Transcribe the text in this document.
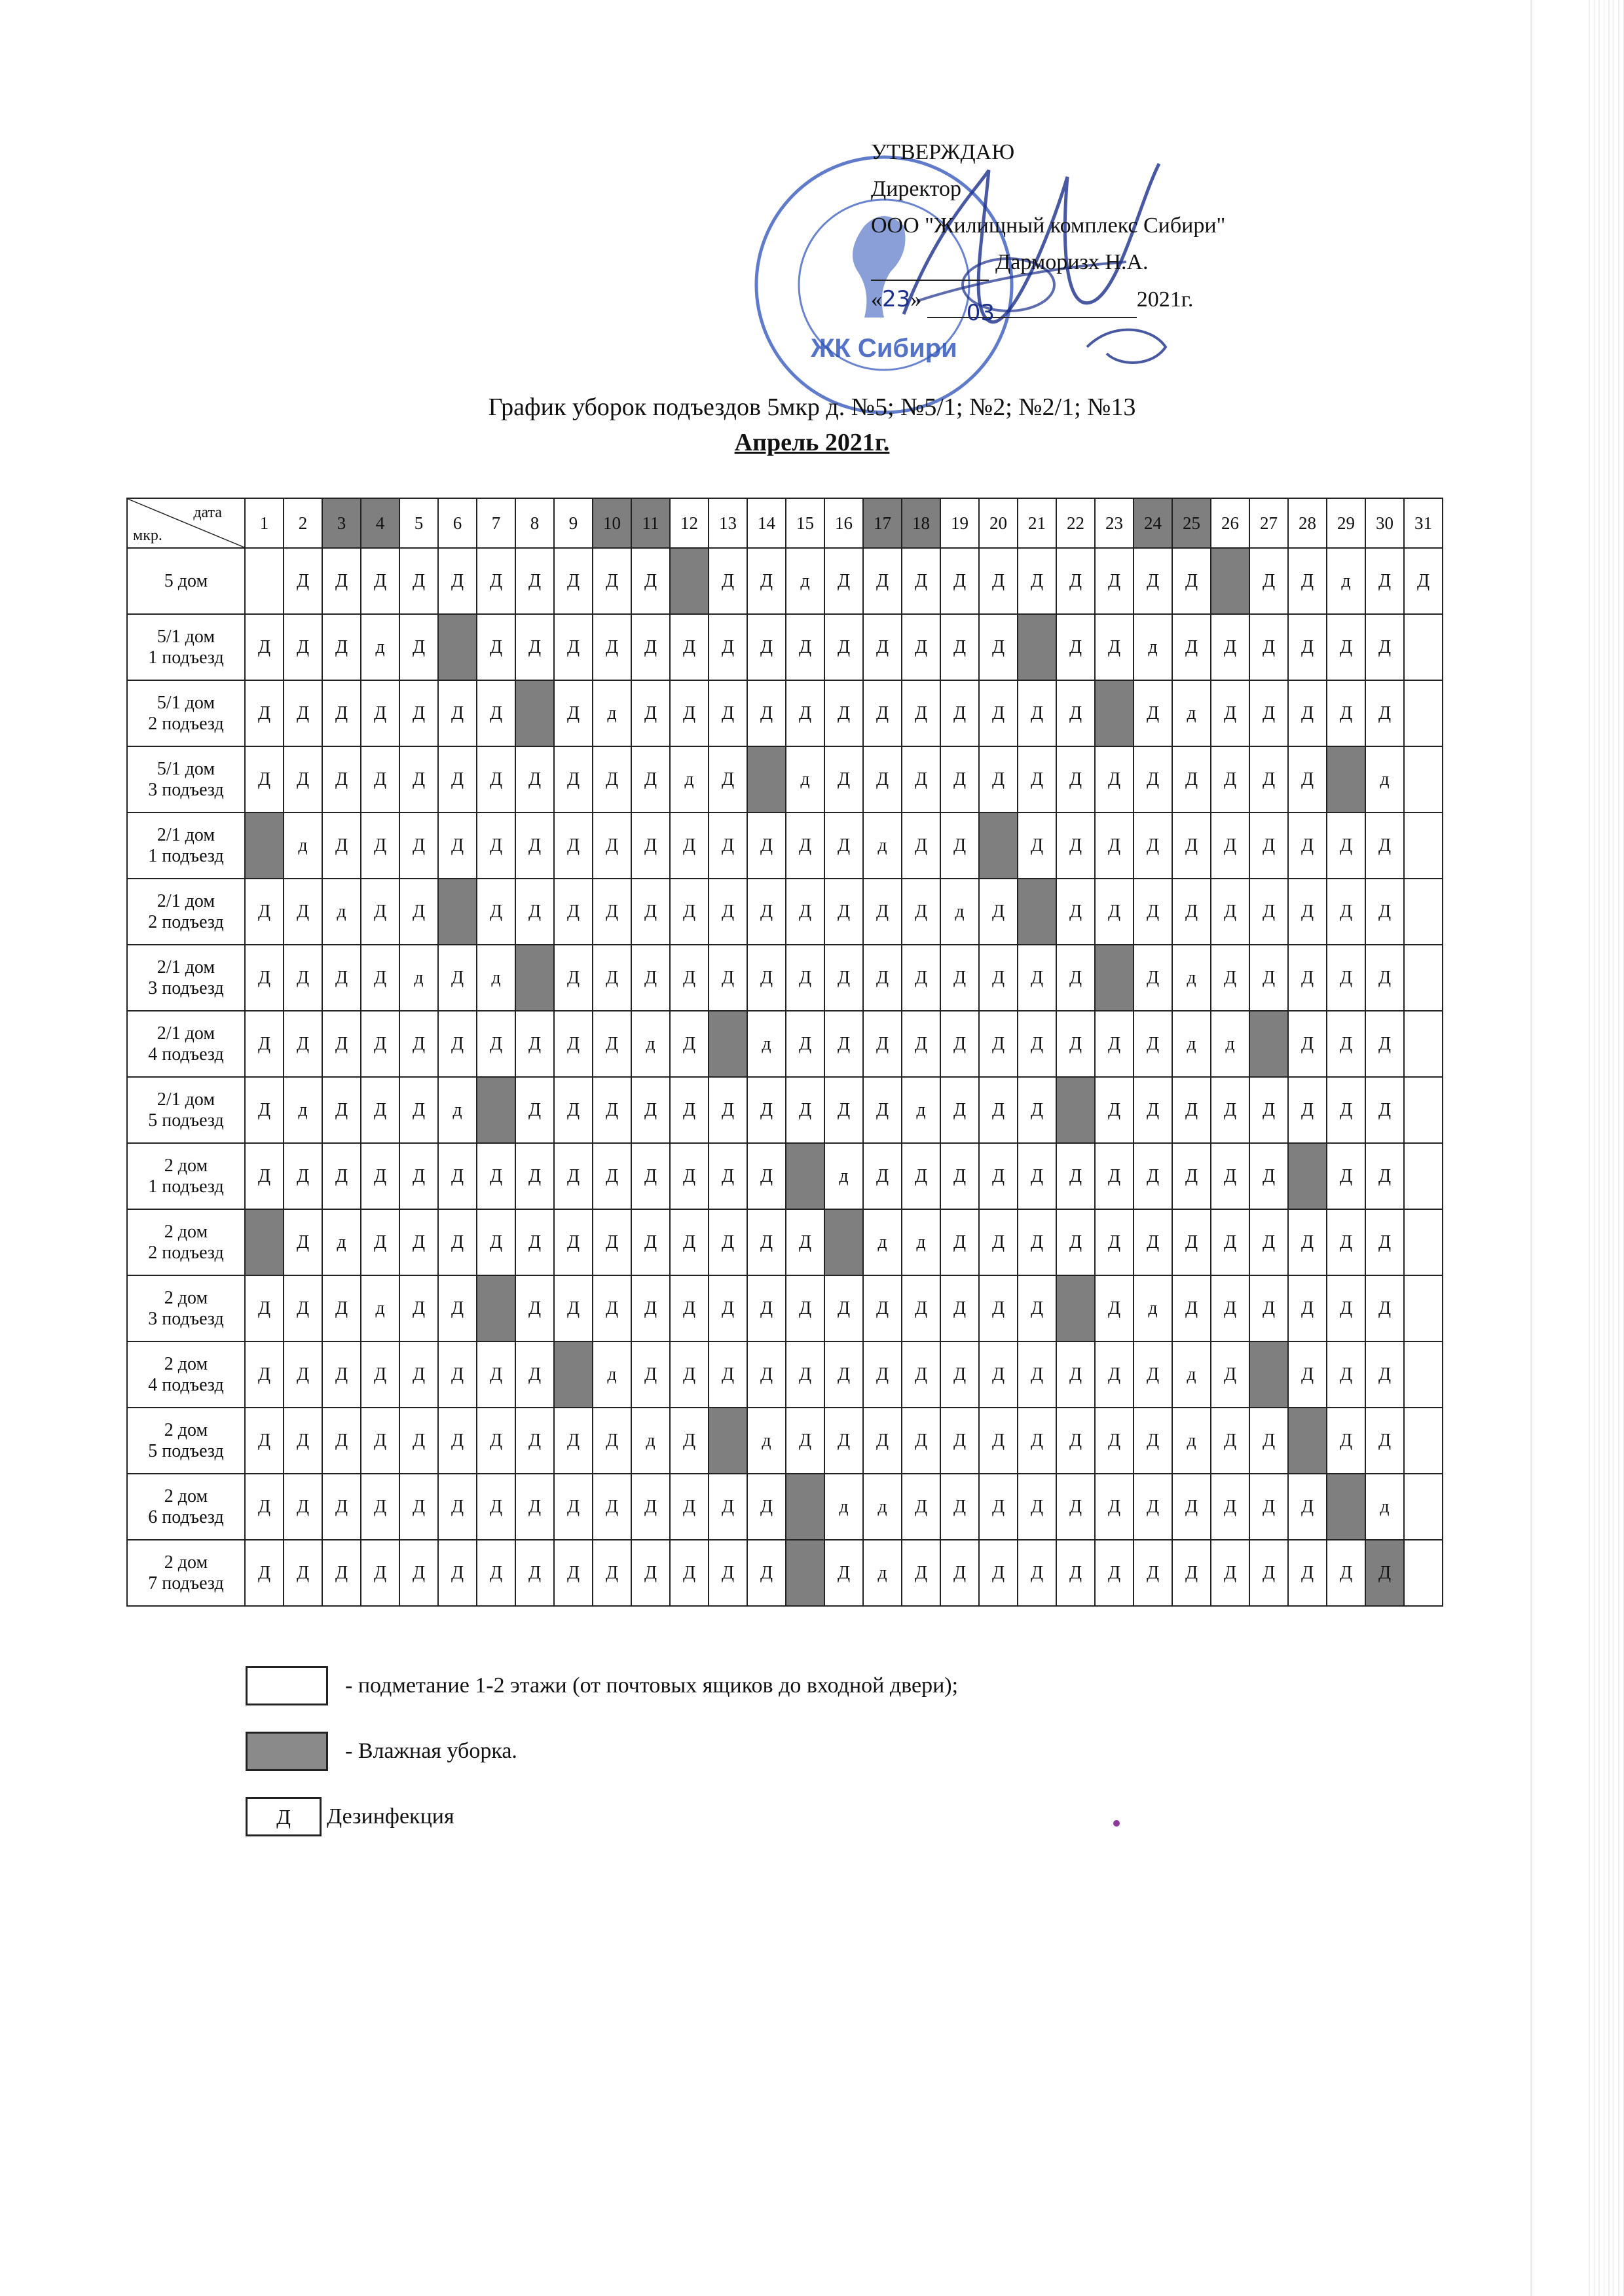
ЖК Сибири
УТВЕРЖДАЮ
Директор
ООО "Жилищный комплекс Сибири"
Дарморизх Н.А.
«23» 032021г.
График уборок подъездов 5мкр д. №5; №5/1; №2; №2/1; №13
Апрель 2021г.
дата
мкр.	1	2	3	4	5	6	7	8	9	10	11	12	13	14	15	16	17	18	19	20	21	22	23	24	25	26	27	28	29	30	31

5 дом		Д	Д	Д	Д	Д	Д	Д	Д	Д	Д		Д	Д	д	Д	Д	Д	Д	Д	Д	Д	Д	Д	Д		Д	Д	д	Д	Д

5/1 дом
1 подъезд	Д	Д	Д	д	Д		Д	Д	Д	Д	Д	Д	Д	Д	Д	Д	Д	Д	Д	Д		Д	Д	д	Д	Д	Д	Д	Д	Д	

5/1 дом
2 подъезд	Д	Д	Д	Д	Д	Д	Д		Д	д	Д	Д	Д	Д	Д	Д	Д	Д	Д	Д	Д	Д		Д	д	Д	Д	Д	Д	Д	

5/1 дом
3 подъезд	Д	Д	Д	Д	Д	Д	Д	Д	Д	Д	Д	д	Д		д	Д	Д	Д	Д	Д	Д	Д	Д	Д	Д	Д	Д	Д		д	

2/1 дом
1 подъезд		д	Д	Д	Д	Д	Д	Д	Д	Д	Д	Д	Д	Д	Д	Д	д	Д	Д		Д	Д	Д	Д	Д	Д	Д	Д	Д	Д	

2/1 дом
2 подъезд	Д	Д	д	Д	Д		Д	Д	Д	Д	Д	Д	Д	Д	Д	Д	Д	Д	д	Д		Д	Д	Д	Д	Д	Д	Д	Д	Д	

2/1 дом
3 подъезд	Д	Д	Д	Д	д	Д	д		Д	Д	Д	Д	Д	Д	Д	Д	Д	Д	Д	Д	Д	Д		Д	д	Д	Д	Д	Д	Д	

2/1 дом
4 подъезд	Д	Д	Д	Д	Д	Д	Д	Д	Д	Д	д	Д		д	Д	Д	Д	Д	Д	Д	Д	Д	Д	Д	д	д		Д	Д	Д	

2/1 дом
5 подъезд	Д	д	Д	Д	Д	д		Д	Д	Д	Д	Д	Д	Д	Д	Д	Д	д	Д	Д	Д		Д	Д	Д	Д	Д	Д	Д	Д	

2 дом
1 подъезд	Д	Д	Д	Д	Д	Д	Д	Д	Д	Д	Д	Д	Д	Д		д	Д	Д	Д	Д	Д	Д	Д	Д	Д	Д	Д		Д	Д	

2 дом
2 подъезд		Д	д	Д	Д	Д	Д	Д	Д	Д	Д	Д	Д	Д	Д		д	д	Д	Д	Д	Д	Д	Д	Д	Д	Д	Д	Д	Д	

2 дом
3 подъезд	Д	Д	Д	д	Д	Д		Д	Д	Д	Д	Д	Д	Д	Д	Д	Д	Д	Д	Д	Д		Д	д	Д	Д	Д	Д	Д	Д	

2 дом
4 подъезд	Д	Д	Д	Д	Д	Д	Д	Д		д	Д	Д	Д	Д	Д	Д	Д	Д	Д	Д	Д	Д	Д	Д	д	Д		Д	Д	Д	

2 дом
5 подъезд	Д	Д	Д	Д	Д	Д	Д	Д	Д	Д	д	Д		д	Д	Д	Д	Д	Д	Д	Д	Д	Д	Д	д	Д	Д		Д	Д	

2 дом
6 подъезд	Д	Д	Д	Д	Д	Д	Д	Д	Д	Д	Д	Д	Д	Д		д	д	Д	Д	Д	Д	Д	Д	Д	Д	Д	Д	Д		д	

2 дом
7 подъезд	Д	Д	Д	Д	Д	Д	Д	Д	Д	Д	Д	Д	Д	Д		Д	д	Д	Д	Д	Д	Д	Д	Д	Д	Д	Д	Д	Д	Д	
- подметание 1-2 этажи (от почтовых ящиков до входной двери);
- Влажная уборка.
Д Дезинфекция
